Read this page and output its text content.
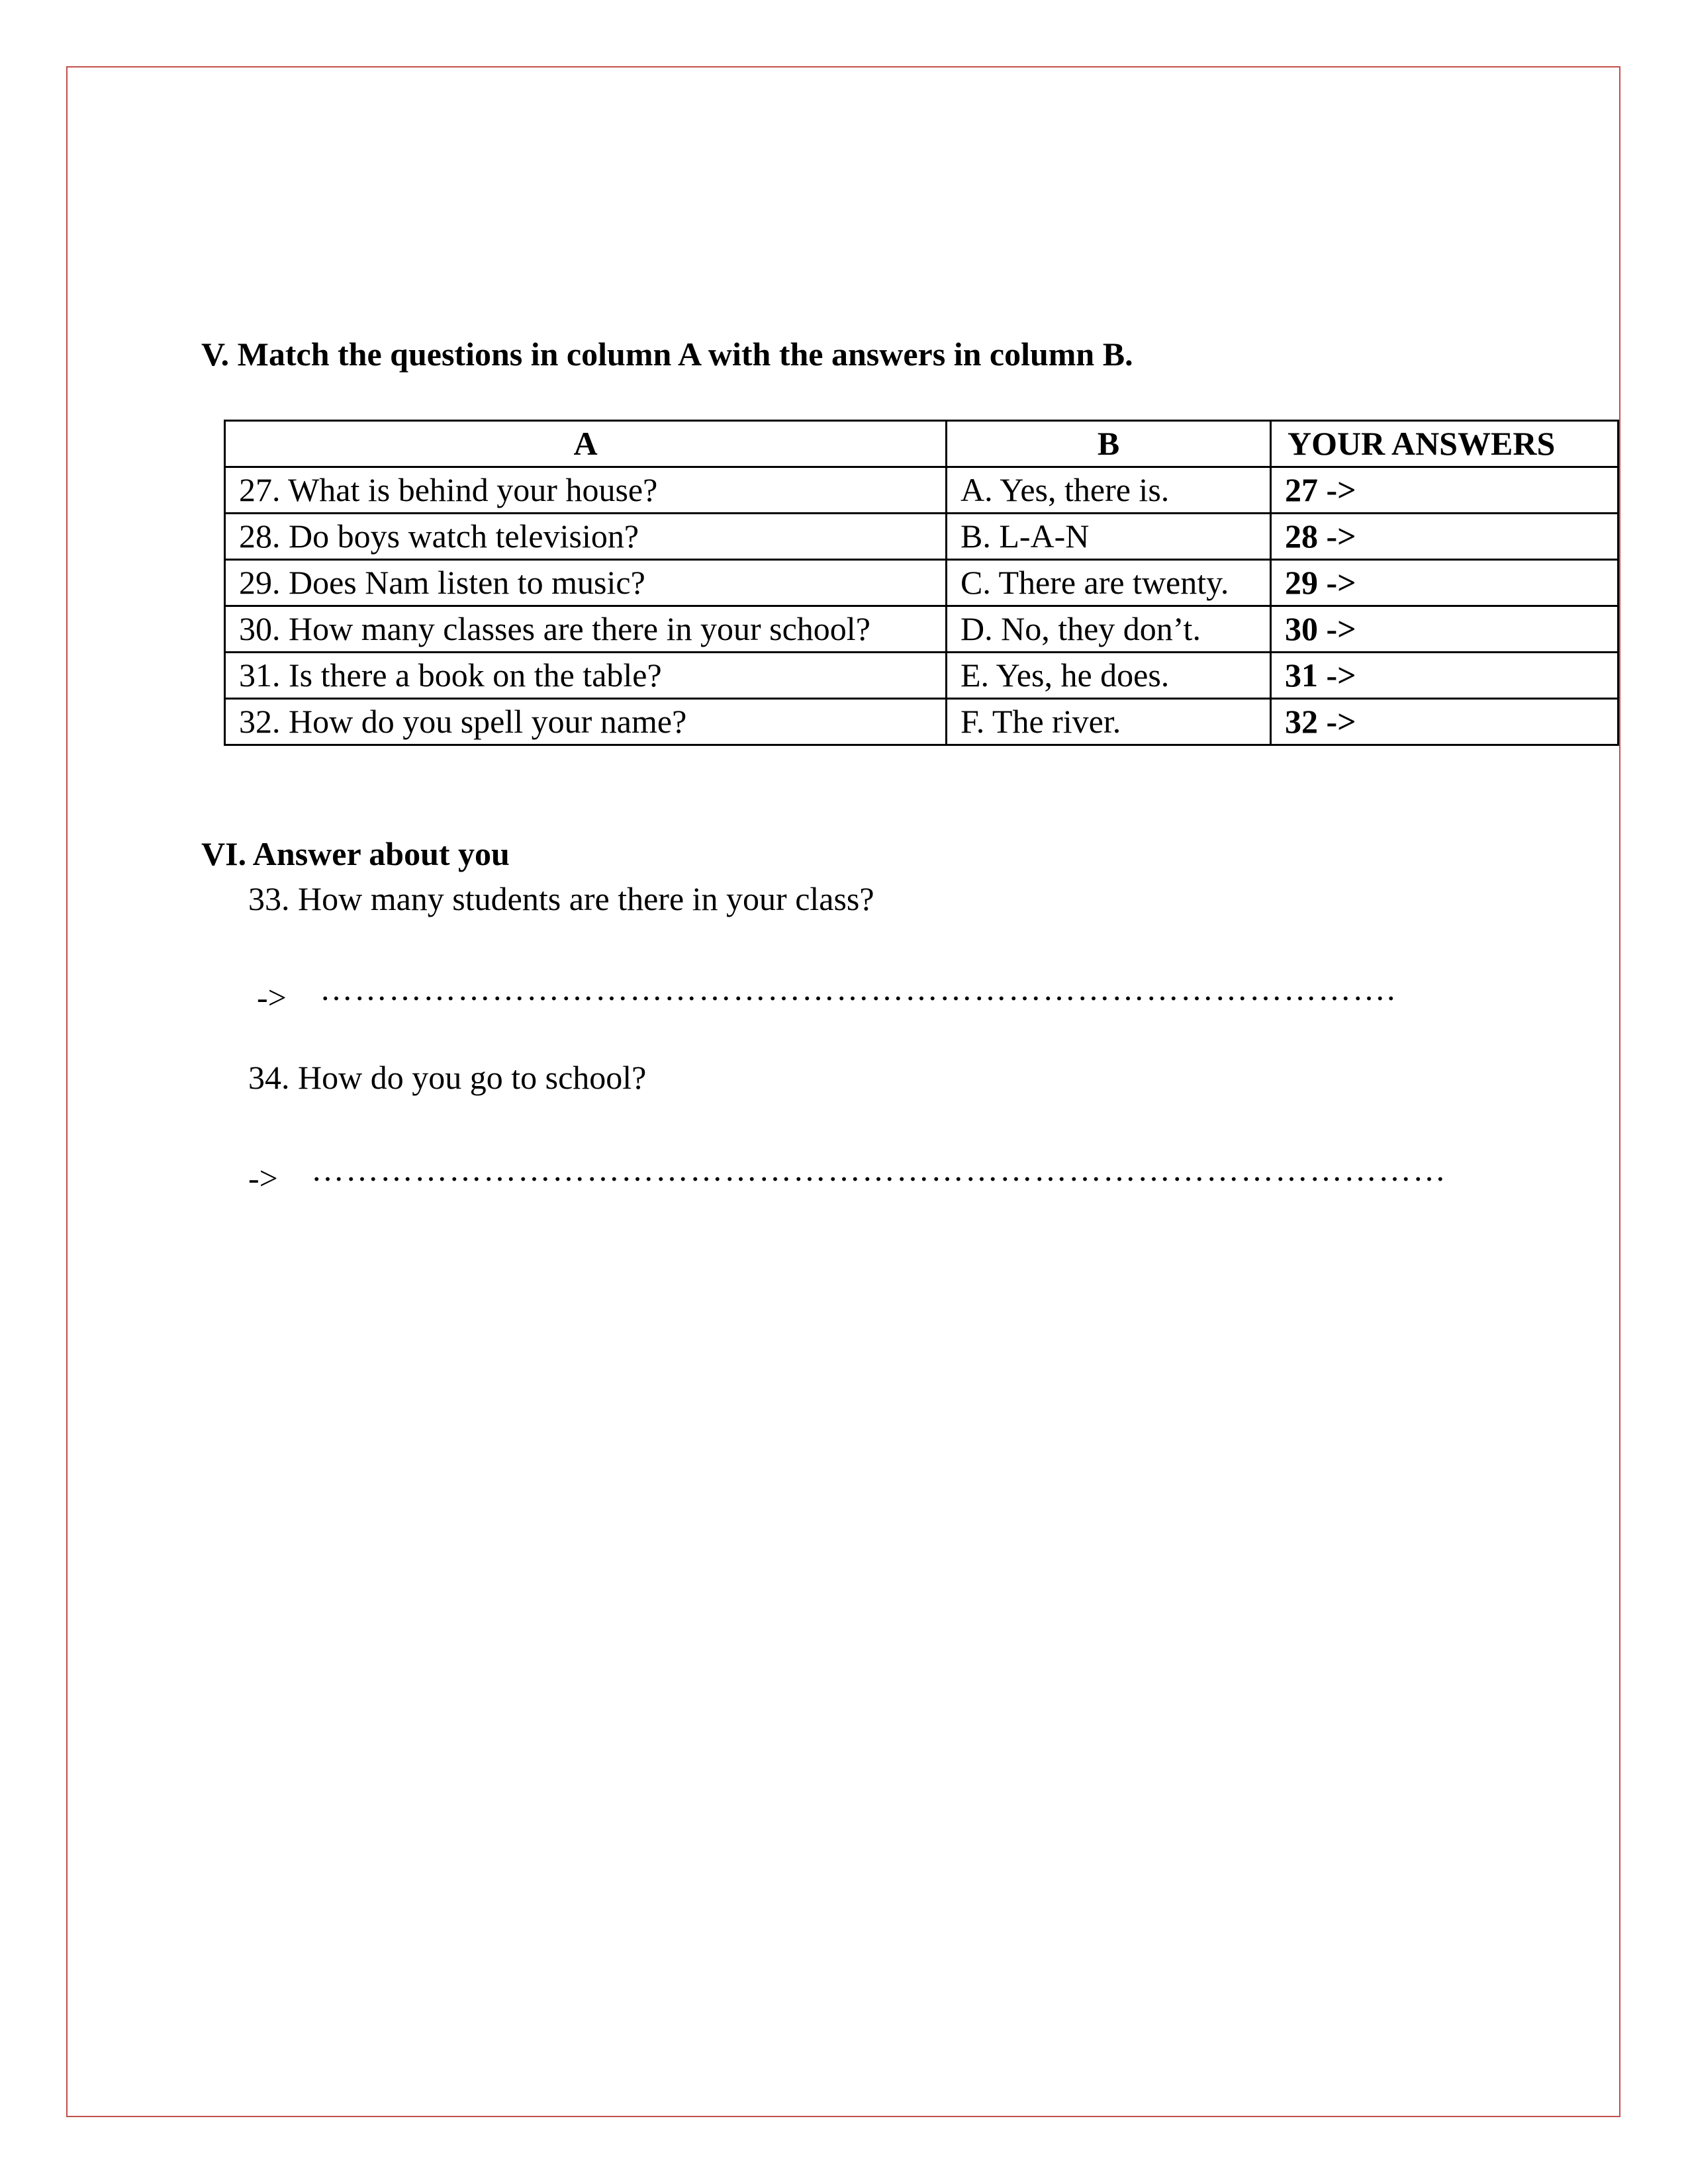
V. Match the questions in column A with the answers in column B.
A	B	YOUR ANSWERS
27. What is behind your house?	A. Yes, there is.	27 ->
28. Do boys watch television?	B. L-A-N	28 ->
29. Does Nam listen to music?	C. There are twenty.	29 ->
30. How many classes are there in your school?	D. No, they don’t.	30 ->
31. Is there a book on the table?	E. Yes, he does.	31 ->
32. How do you spell your name?	F. The river.	32 ->
VI. Answer about you

33. How many students are there in your class?

-> ………………………………………………………………………………….

34. How do you go to school?

-> ………………………………………………………………………………………
